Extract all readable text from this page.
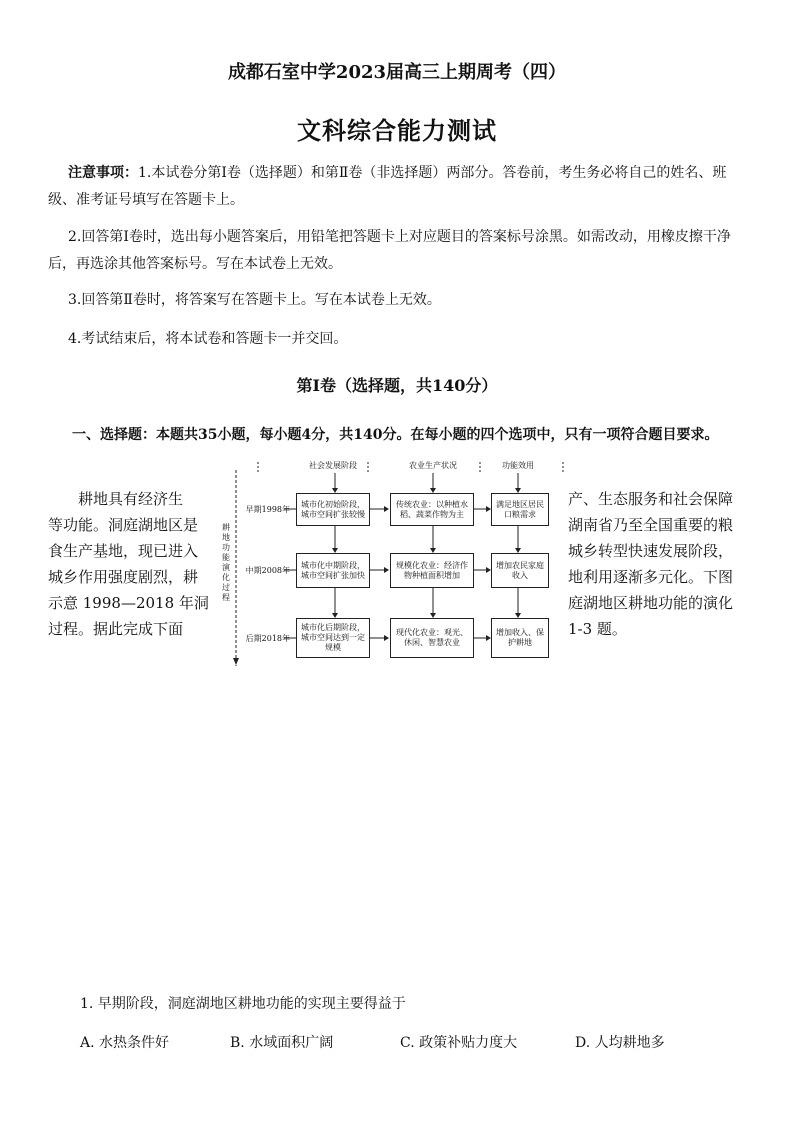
成都石室中学2023届高三上期周考（四）
文科综合能力测试
注意事项：1.本试卷分第Ⅰ卷（选择题）和第Ⅱ卷（非选择题）两部分。答卷前，考生务必将自己的姓名、班级、准考证号填写在答题卡上。
2.回答第Ⅰ卷时，选出每小题答案后，用铅笔把答题卡上对应题目的答案标号涂黑。如需改动，用橡皮擦干净后，再选涂其他答案标号。写在本试卷上无效。
3.回答第Ⅱ卷时，将答案写在答题卡上。写在本试卷上无效。
4.考试结束后，将本试卷和答题卡一并交回。
第Ⅰ卷（选择题，共140分）
一、选择题：本题共35小题，每小题4分，共140分。在每小题的四个选项中，只有一项符合题目要求。
耕地具有经济生
等功能。洞庭湖地区是
食生产基地，现已进入
城乡作用强度剧烈，耕
示意 1998—2018 年洞
过程。据此完成下面
产、生态服务和社会保障
湖南省乃至全国重要的粮
城乡转型快速发展阶段，
地利用逐渐多元化。下图
庭湖地区耕地功能的演化
1-3 题。
社会发展阶段	农业生产状况	功能效用
耕地功能演化过程
早期1998年
中期2008年
后期2018年
城市化初始阶段，城市空间扩张较慢
城市化中期阶段，城市空间扩张加快
城市化后期阶段，城市空间达到一定规模
传统农业：以种植水稻、蔬菜作物为主
规模化农业：经济作物种植面积增加
现代化农业：观光、休闲、智慧农业
满足地区居民口粮需求
增加农民家庭收入
增加收入、保护耕地
1. 早期阶段，洞庭湖地区耕地功能的实现主要得益于
A. 水热条件好	B. 水域面积广阔	C. 政策补贴力度大	D. 人均耕地多
